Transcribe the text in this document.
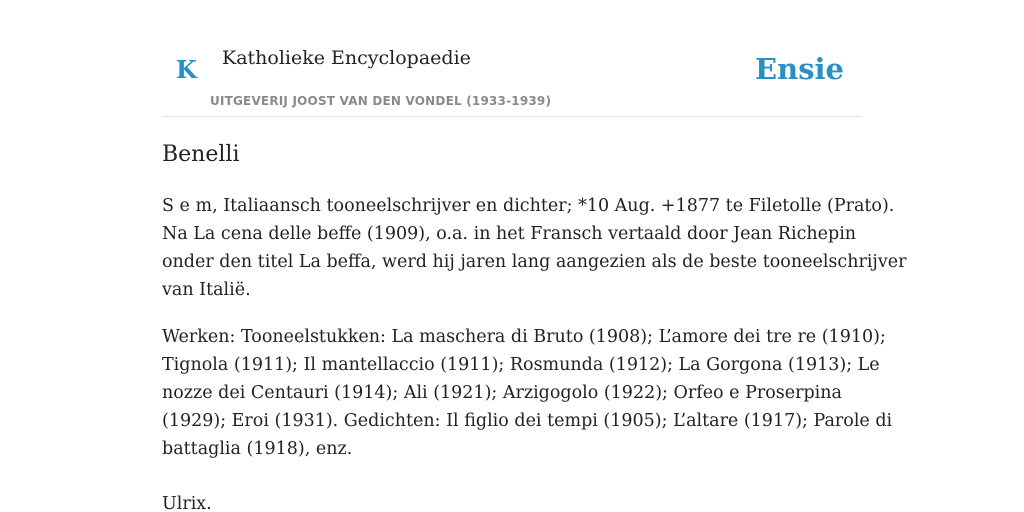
K Katholieke Encyclopaedie
UITGEVERIJ JOOST VAN DEN VONDEL (1933-1939)
Ensie
Benelli

S e m, Italiaansch tooneelschrijver en dichter; *10 Aug. +1877 te Filetolle (Prato).
Na La cena delle beffe (1909), o.a. in het Fransch vertaald door Jean Richepin
onder den titel La beffa, werd hij jaren lang aangezien als de beste tooneelschrijver
van Italië.

Werken: Tooneelstukken: La maschera di Bruto (1908); L’amore dei tre re (1910);
Tignola (1911); Il mantellaccio (1911); Rosmunda (1912); La Gorgona (1913); Le
nozze dei Centauri (1914); Ali (1921); Arzigogolo (1922); Orfeo e Proserpina
(1929); Eroi (1931). Gedichten: Il figlio dei tempi (1905); L’altare (1917); Parole di
battaglia (1918), enz.

Ulrix.
